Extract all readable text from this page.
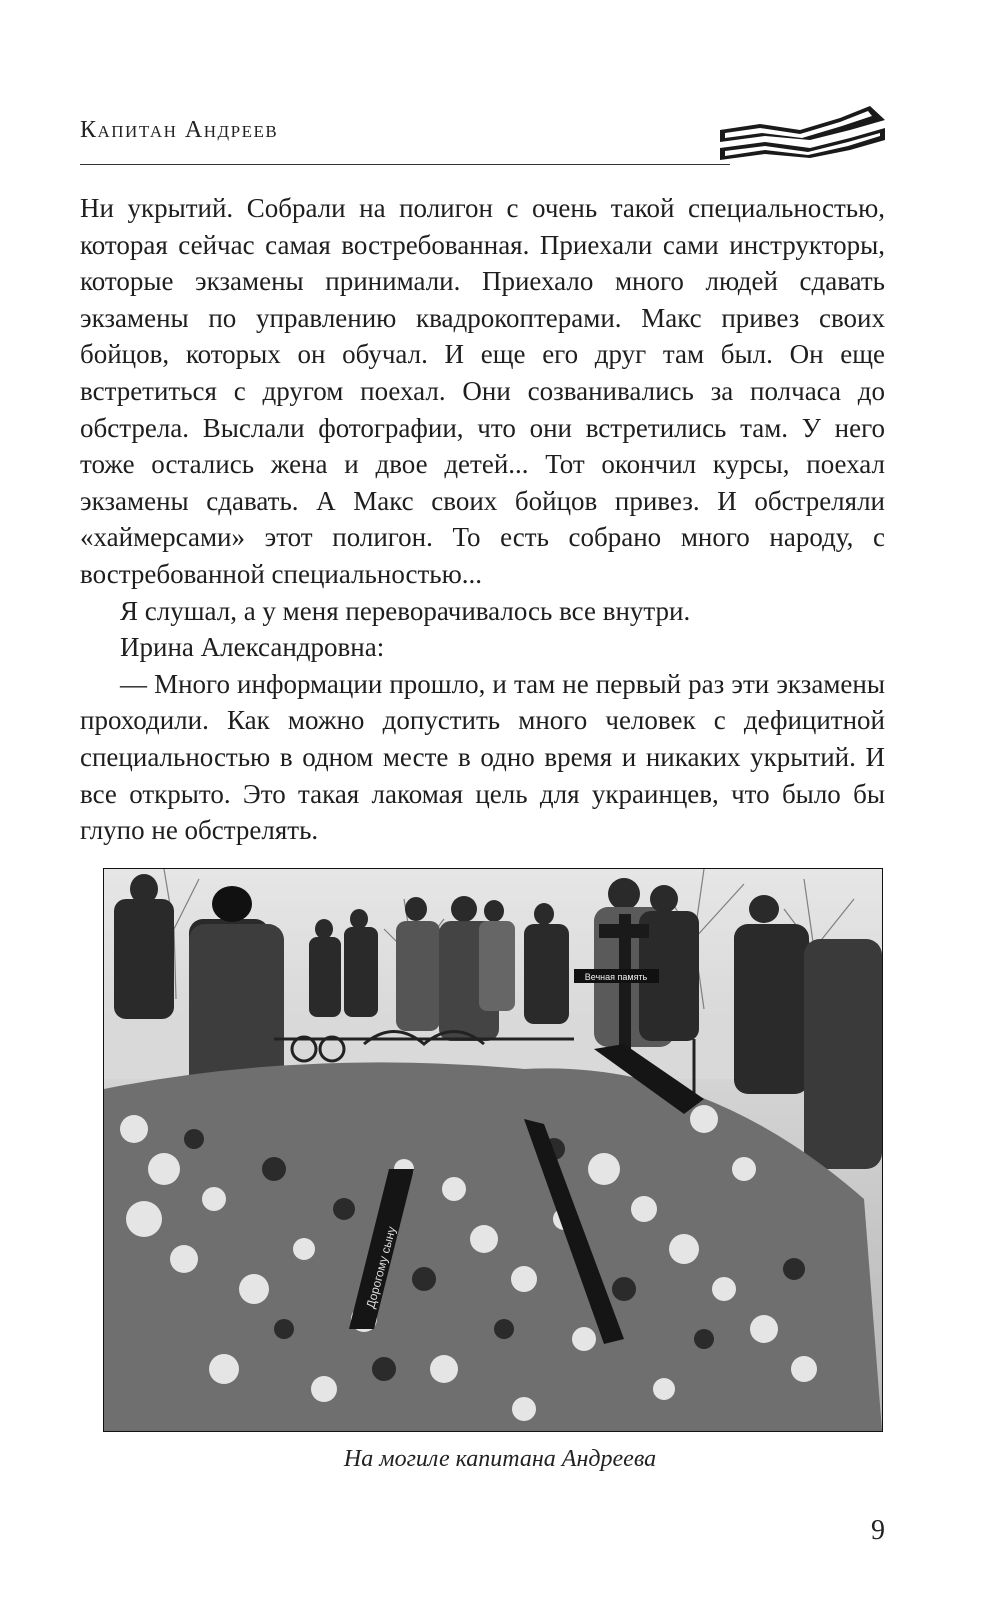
Капитан Андреев

Ни укрытий. Собрали на полигон с очень такой специальностью, которая сейчас самая востребованная. Приехали сами инструкторы, которые экзамены принимали. Приехало много людей сдавать экзамены по управлению квадрокоптерами. Макс привез своих бойцов, которых он обучал. И еще его друг там был. Он еще встретиться с другом поехал. Они созванивались за полчаса до обстрела. Выслали фотографии, что они встретились там. У него тоже остались жена и двое детей... Тот окончил курсы, поехал экзамены сдавать. А Макс своих бойцов привез. И обстреляли «хаймерсами» этот полигон. То есть собрано много народу, с востребованной специальностью...

Я слушал, а у меня переворачивалось все внутри.

Ирина Александровна:

— Много информации прошло, и там не первый раз эти экзамены проходили. Как можно допустить много человек с дефицитной специальностью в одном месте в одно время и никаких укрытий. И все открыто. Это такая лакомая цель для украинцев, что было бы глупо не обстрелять.

Вечная память
Дорогому сыну
На могиле капитана Андреева
9
